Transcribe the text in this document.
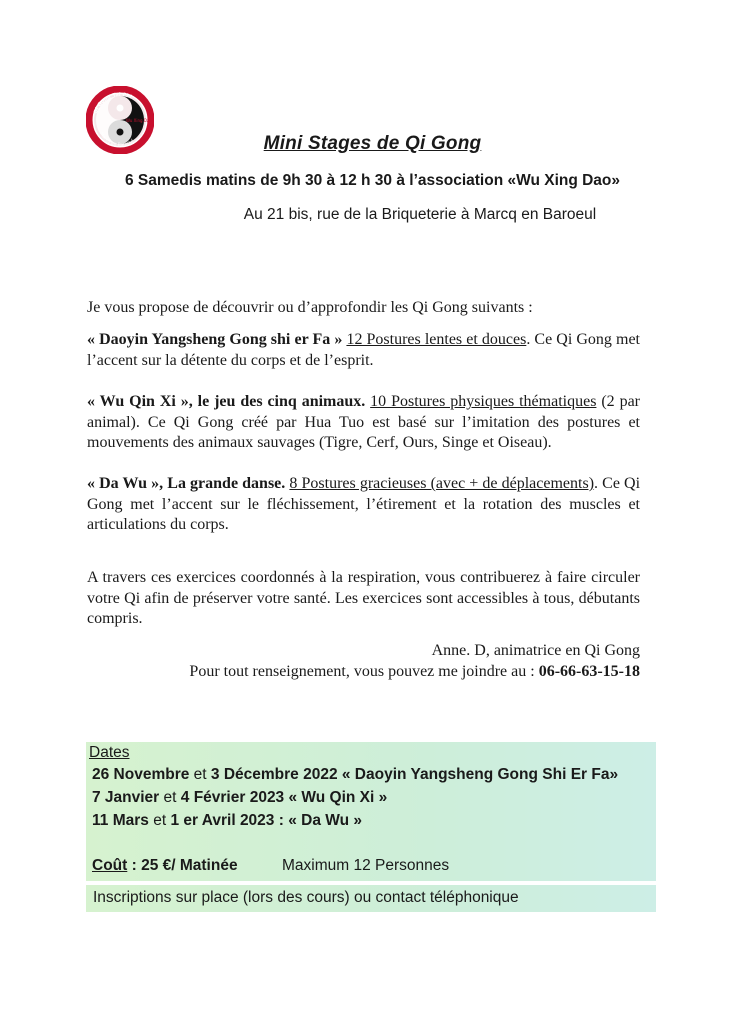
Qi Gong Tai Chi
Marcq en Baroeul
Wu Xing Dao
Mini Stages de Qi Gong
6 Samedis matins de 9h 30 à 12 h 30 à l’association «Wu Xing Dao»
Au 21 bis, rue de la Briqueterie à Marcq en Baroeul
Je vous propose de découvrir ou d’approfondir les Qi Gong suivants :
« Daoyin Yangsheng Gong shi er Fa » 12 Postures lentes et douces. Ce Qi Gong met l’accent sur la détente du corps et de l’esprit.
« Wu Qin Xi », le jeu des cinq animaux. 10 Postures physiques thématiques (2 par animal). Ce Qi Gong créé par Hua Tuo est basé sur l’imitation des postures et mouvements des animaux sauvages (Tigre, Cerf, Ours, Singe et Oiseau).
« Da Wu », La grande danse. 8 Postures gracieuses (avec + de déplacements). Ce Qi Gong met l’accent sur le fléchissement, l’étirement et la rotation des muscles et articulations du corps.
A travers ces exercices coordonnés à la respiration, vous contribuerez à faire circuler votre Qi afin de préserver votre santé. Les exercices sont accessibles à tous, débutants compris.
Anne. D, animatrice en Qi Gong
Pour tout renseignement, vous pouvez me joindre au : 06-66-63-15-18
Dates
26 Novembre et 3 Décembre 2022 « Daoyin Yangsheng Gong Shi Er Fa»
7 Janvier et 4 Février 2023 « Wu Qin Xi »
11 Mars et 1 er Avril 2023 : « Da Wu »
Coût : 25 €/ Matinée	Maximum 12 Personnes
Inscriptions sur place (lors des cours) ou contact téléphonique
